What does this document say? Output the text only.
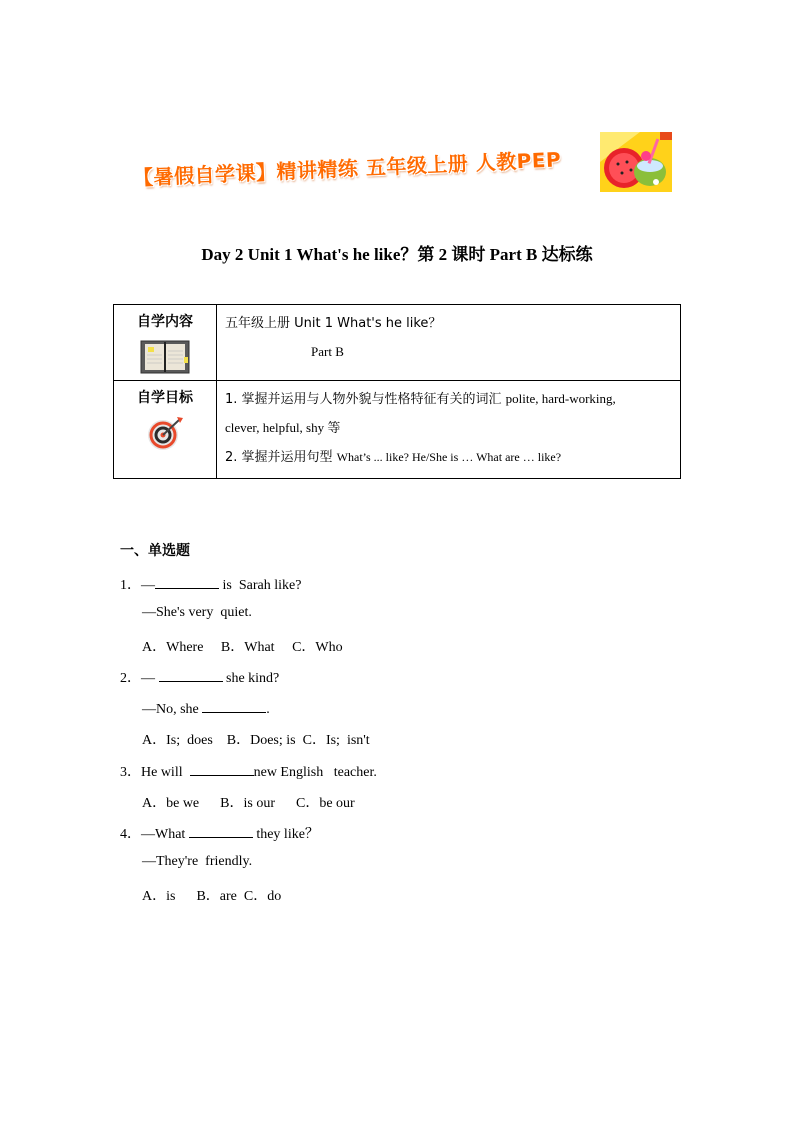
【暑假自学课】精讲精练 五年级上册 人教PEP
Day 2 Unit 1 What's he like？第 2 课时 Part B 达标练
自学内容	五年级上册 Unit 1 What's he like？

Part B

自学目标	1. 掌握并运用与人物外貌与性格特征有关的词汇 polite, hard-working,
clever, helpful, shy 等
2. 掌握并运用句型 What’s ... like? He/She is … What are … like?
一、单选题
1．—	is  Sarah like?
—She's very  quiet.
A．Where     B．What     C．Who
2．—	she kind?
—No, she	.
A．Is;  does    B．Does; is  C．Is;  isn't
3．He will	new English   teacher.
A．be we      B．is our      C．be our
4．—What	they like？
—They're  friendly.
A．is      B．are  C．do
